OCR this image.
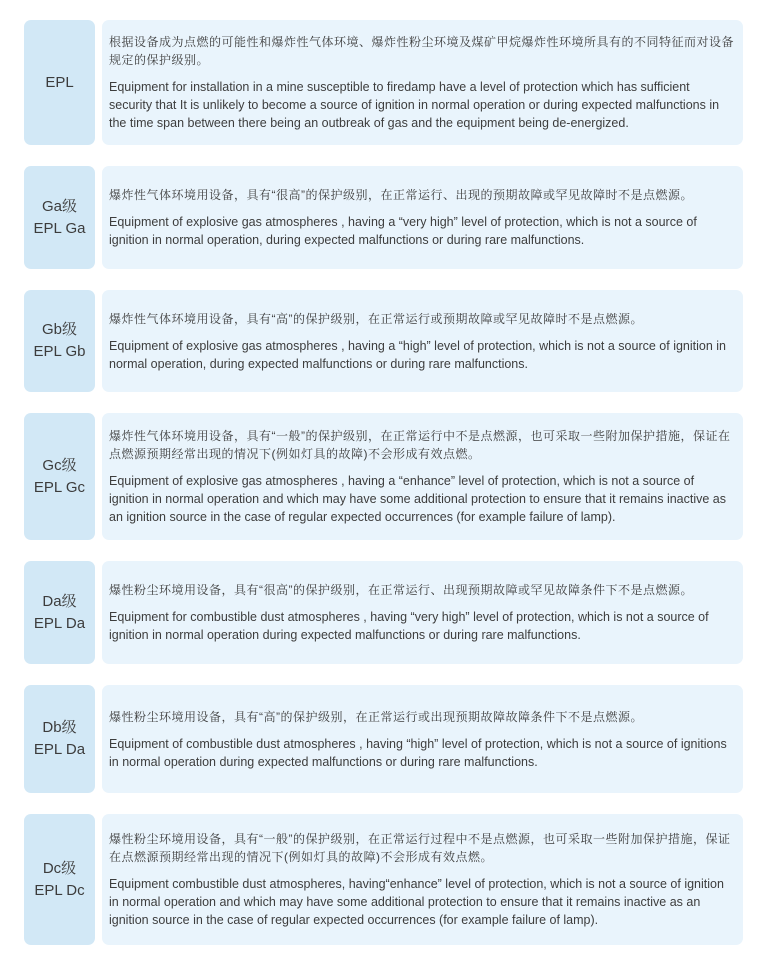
EPL

根据设备成为点燃的可能性和爆炸性气体环境、爆炸性粉尘环境及煤矿甲烷爆炸性环境所具有的不同特征而对设备规定的保护级别。

Equipment for installation in a mine susceptible to firedamp have a level of protection which has sufficient security that It is unlikely to become a source of ignition in normal operation or during expected malfunctions in the time span between there being an outbreak of gas and the equipment being de-energized.

Ga级
EPL Ga

爆炸性气体环境用设备，具有“很高”的保护级别，在正常运行、出现的预期故障或罕见故障时不是点燃源。

Equipment of explosive gas atmospheres , having a “very high” level of protection, which is not a source of ignition in normal operation, during expected malfunctions or during rare malfunctions.

Gb级
EPL Gb

爆炸性气体环境用设备，具有“高”的保护级别，在正常运行或预期故障或罕见故障时不是点燃源。

Equipment of explosive gas atmospheres , having a “high” level of protection, which is not a source of ignition in normal operation, during expected malfunctions or during rare malfunctions.

Gc级
EPL Gc

爆炸性气体环境用设备，具有“一般”的保护级别，在正常运行中不是点燃源，也可采取一些附加保护措施，保证在点燃源预期经常出现的情况下(例如灯具的故障)不会形成有效点燃。

Equipment of explosive gas atmospheres , having a “enhance” level of protection, which is not a source of ignition in normal operation and which may have some additional protection to ensure that it remains inactive as an ignition source in the case of regular expected occurrences (for example failure of lamp).

Da级
EPL Da

爆性粉尘环境用设备，具有“很高”的保护级别，在正常运行、出现预期故障或罕见故障条件下不是点燃源。

Equipment for combustible dust atmospheres , having “very high” level of protection, which is not a source of ignition in normal operation during expected malfunctions or during rare malfunctions.

Db级
EPL Da

爆性粉尘环境用设备，具有“高”的保护级别，在正常运行或出现预期故障故障条件下不是点燃源。

Equipment of combustible dust atmospheres , having “high” level of protection, which is not a source of ignitions in normal operation during expected malfunctions or during rare malfunctions.

Dc级
EPL Dc

爆性粉尘环境用设备，具有“一般”的保护级别，在正常运行过程中不是点燃源，也可采取一些附加保护措施，保证在点燃源预期经常出现的情况下(例如灯具的故障)不会形成有效点燃。

Equipment combustible dust atmospheres, having“enhance” level of protection, which is not a source of ignition in normal operation and which may have some additional protection to ensure that it remains inactive as an ignition source in the case of regular expected occurrences (for example failure of lamp).
